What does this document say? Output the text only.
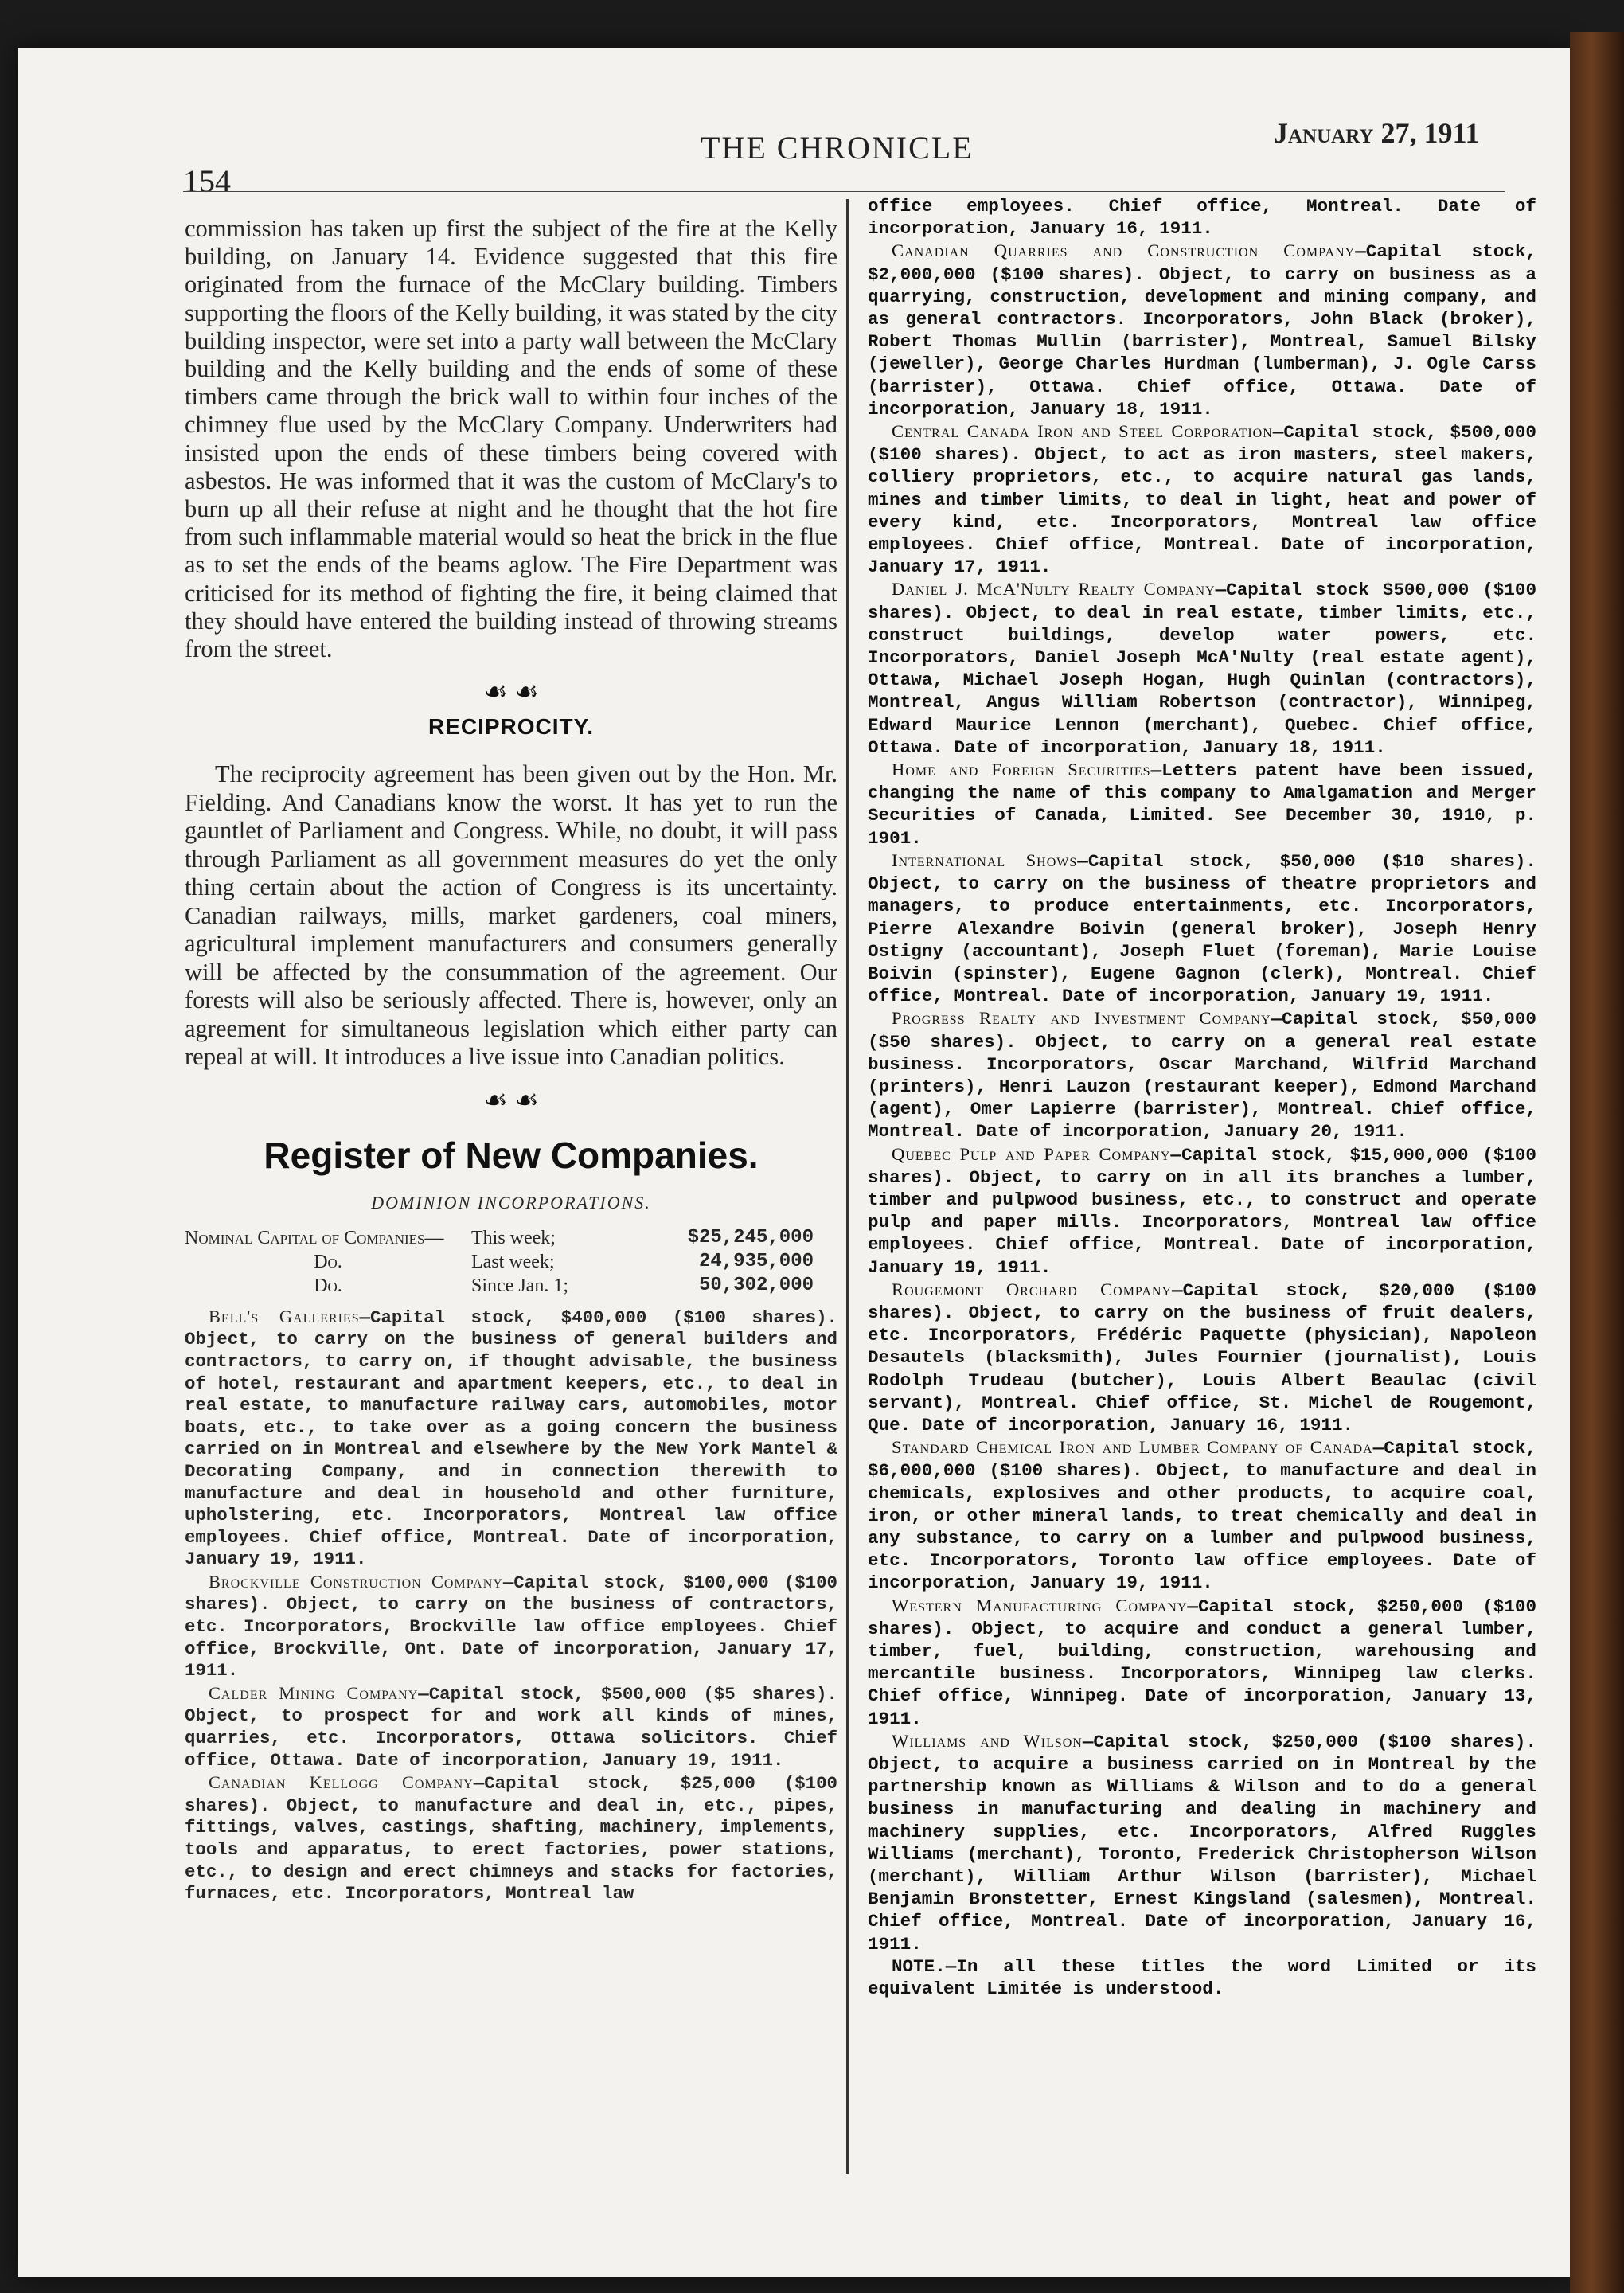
154
THE CHRONICLE	January 27, 1911

commission has taken up first the subject of the fire at the Kelly building, on January 14. Evidence suggested that this fire originated from the furnace of the McClary building. Timbers supporting the floors of the Kelly building, it was stated by the city building inspector, were set into a party wall between the McClary building and the Kelly building and the ends of some of these timbers came through the brick wall to within four inches of the chimney flue used by the McClary Company. Underwriters had insisted upon the ends of these timbers being covered with asbestos. He was informed that it was the custom of McClary's to burn up all their refuse at night and he thought that the hot fire from such inflammable material would so heat the brick in the flue as to set the ends of the beams aglow. The Fire Department was criticised for its method of fighting the fire, it being claimed that they should have entered the building instead of throwing streams from the street.

☙ ☙
RECIPROCITY.

The reciprocity agreement has been given out by the Hon. Mr. Fielding. And Canadians know the worst. It has yet to run the gauntlet of Parliament and Congress. While, no doubt, it will pass through Parliament as all government measures do yet the only thing certain about the action of Congress is its uncertainty. Canadian railways, mills, market gardeners, coal miners, agricultural implement manufacturers and consumers generally will be affected by the consummation of the agreement. Our forests will also be seriously affected. There is, however, only an agreement for simultaneous legislation which either party can repeal at will. It introduces a live issue into Canadian politics.

☙ ☙
Register of New Companies.
DOMINION INCORPORATIONS.
Nominal Capital of Companies—	This week;	$25,245,000
Do.	Last week;	24,935,000
Do.	Since Jan. 1;	50,302,000

Bell's Galleries—Capital stock, $400,000 ($100 shares). Object, to carry on the business of general builders and contractors, to carry on, if thought advisable, the business of hotel, restaurant and apartment keepers, etc., to deal in real estate, to manufacture railway cars, automobiles, motor boats, etc., to take over as a going concern the business carried on in Montreal and elsewhere by the New York Mantel & Decorating Company, and in connection therewith to manufacture and deal in household and other furniture, upholstering, etc. Incorporators, Montreal law office employees. Chief office, Montreal. Date of incorporation, January 19, 1911.

Brockville Construction Company—Capital stock, $100,000 ($100 shares). Object, to carry on the business of contractors, etc. Incorporators, Brockville law office employees. Chief office, Brockville, Ont. Date of incorporation, January 17, 1911.

Calder Mining Company—Capital stock, $500,000 ($5 shares). Object, to prospect for and work all kinds of mines, quarries, etc. Incorporators, Ottawa solicitors. Chief office, Ottawa. Date of incorporation, January 19, 1911.

Canadian Kellogg Company—Capital stock, $25,000 ($100 shares). Object, to manufacture and deal in, etc., pipes, fittings, valves, castings, shafting, machinery, implements, tools and apparatus, to erect factories, power stations, etc., to design and erect chimneys and stacks for factories, furnaces, etc. Incorporators, Montreal law

office employees. Chief office, Montreal. Date of incorporation, January 16, 1911.

Canadian Quarries and Construction Company—Capital stock, $2,000,000 ($100 shares). Object, to carry on business as a quarrying, construction, development and mining company, and as general contractors. Incorporators, John Black (broker), Robert Thomas Mullin (barrister), Montreal, Samuel Bilsky (jeweller), George Charles Hurdman (lumberman), J. Ogle Carss (barrister), Ottawa. Chief office, Ottawa. Date of incorporation, January 18, 1911.

Central Canada Iron and Steel Corporation—Capital stock, $500,000 ($100 shares). Object, to act as iron masters, steel makers, colliery proprietors, etc., to acquire natural gas lands, mines and timber limits, to deal in light, heat and power of every kind, etc. Incorporators, Montreal law office employees. Chief office, Montreal. Date of incorporation, January 17, 1911.

Daniel J. McA'Nulty Realty Company—Capital stock $500,000 ($100 shares). Object, to deal in real estate, timber limits, etc., construct buildings, develop water powers, etc. Incorporators, Daniel Joseph McA'Nulty (real estate agent), Ottawa, Michael Joseph Hogan, Hugh Quinlan (contractors), Montreal, Angus William Robertson (contractor), Winnipeg, Edward Maurice Lennon (merchant), Quebec. Chief office, Ottawa. Date of incorporation, January 18, 1911.

Home and Foreign Securities—Letters patent have been issued, changing the name of this company to Amalgamation and Merger Securities of Canada, Limited. See December 30, 1910, p. 1901.

International Shows—Capital stock, $50,000 ($10 shares). Object, to carry on the business of theatre proprietors and managers, to produce entertainments, etc. Incorporators, Pierre Alexandre Boivin (general broker), Joseph Henry Ostigny (accountant), Joseph Fluet (foreman), Marie Louise Boivin (spinster), Eugene Gagnon (clerk), Montreal. Chief office, Montreal. Date of incorporation, January 19, 1911.

Progress Realty and Investment Company—Capital stock, $50,000 ($50 shares). Object, to carry on a general real estate business. Incorporators, Oscar Marchand, Wilfrid Marchand (printers), Henri Lauzon (restaurant keeper), Edmond Marchand (agent), Omer Lapierre (barrister), Montreal. Chief office, Montreal. Date of incorporation, January 20, 1911.

Quebec Pulp and Paper Company—Capital stock, $15,000,000 ($100 shares). Object, to carry on in all its branches a lumber, timber and pulpwood business, etc., to construct and operate pulp and paper mills. Incorporators, Montreal law office employees. Chief office, Montreal. Date of incorporation, January 19, 1911.

Rougemont Orchard Company—Capital stock, $20,000 ($100 shares). Object, to carry on the business of fruit dealers, etc. Incorporators, Frédéric Paquette (physician), Napoleon Desautels (blacksmith), Jules Fournier (journalist), Louis Rodolph Trudeau (butcher), Louis Albert Beaulac (civil servant), Montreal. Chief office, St. Michel de Rougemont, Que. Date of incorporation, January 16, 1911.

Standard Chemical Iron and Lumber Company of Canada—Capital stock, $6,000,000 ($100 shares). Object, to manufacture and deal in chemicals, explosives and other products, to acquire coal, iron, or other mineral lands, to treat chemically and deal in any substance, to carry on a lumber and pulpwood business, etc. Incorporators, Toronto law office employees. Date of incorporation, January 19, 1911.

Western Manufacturing Company—Capital stock, $250,000 ($100 shares). Object, to acquire and conduct a general lumber, timber, fuel, building, construction, warehousing and mercantile business. Incorporators, Winnipeg law clerks. Chief office, Winnipeg. Date of incorporation, January 13, 1911.

Williams and Wilson—Capital stock, $250,000 ($100 shares). Object, to acquire a business carried on in Montreal by the partnership known as Williams & Wilson and to do a general business in manufacturing and dealing in machinery and machinery supplies, etc. Incorporators, Alfred Ruggles Williams (merchant), Toronto, Frederick Christopherson Wilson (merchant), William Arthur Wilson (barrister), Michael Benjamin Bronstetter, Ernest Kingsland (salesmen), Montreal. Chief office, Montreal. Date of incorporation, January 16, 1911.

NOTE.—In all these titles the word Limited or its equivalent Limitée is understood.
